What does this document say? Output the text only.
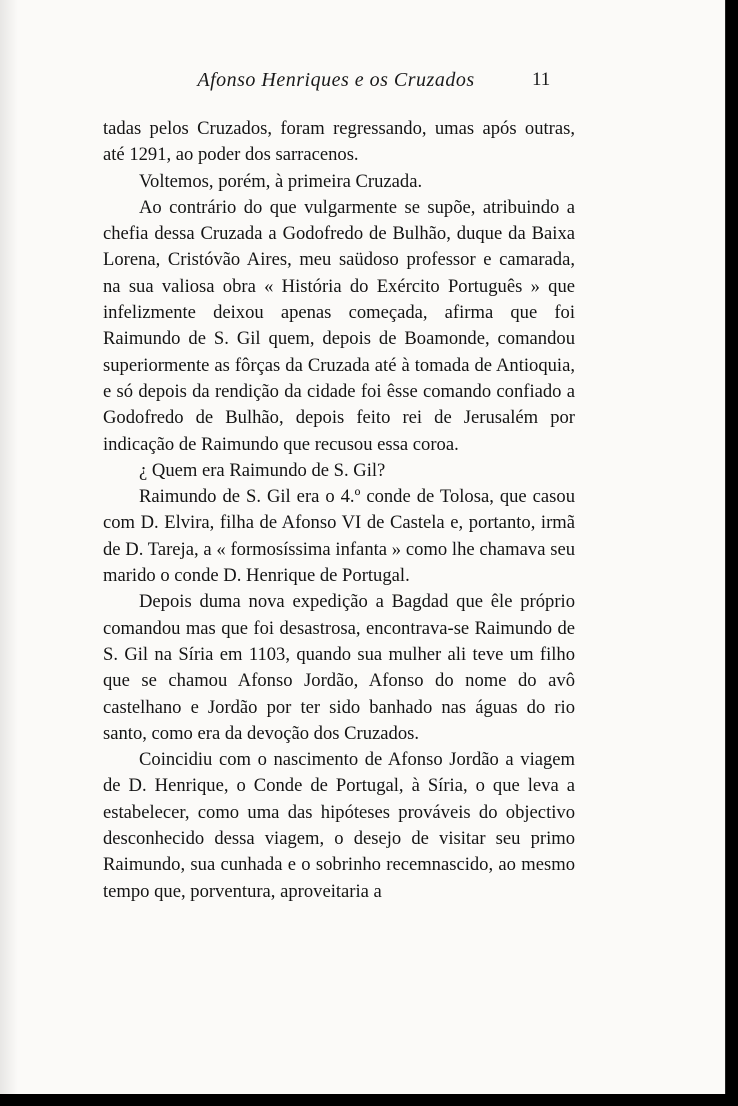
Afonso Henriques e os Cruzados	11

tadas pelos Cruzados, foram regressando, umas após outras, até 1291, ao poder dos sarracenos.

Voltemos, porém, à primeira Cruzada.

Ao contrário do que vulgarmente se supõe, atribuindo a chefia dessa Cruzada a Godofredo de Bulhão, duque da Baixa Lorena, Cristóvão Aires, meu saüdoso professor e camarada, na sua valiosa obra « História do Exército Português » que infelizmente deixou apenas começada, afirma que foi Raimundo de S. Gil quem, depois de Boamonde, comandou superiormente as fôrças da Cruzada até à tomada de Antioquia, e só depois da rendição da cidade foi êsse comando confiado a Godofredo de Bulhão, depois feito rei de Jerusalém por indicação de Raimundo que recusou essa coroa.

¿ Quem era Raimundo de S. Gil?

Raimundo de S. Gil era o 4.º conde de Tolosa, que casou com D. Elvira, filha de Afonso VI de Castela e, portanto, irmã de D. Tareja, a « formosíssima infanta » como lhe chamava seu marido o conde D. Henrique de Portugal.

Depois duma nova expedição a Bagdad que êle próprio comandou mas que foi desastrosa, encontrava-se Raimundo de S. Gil na Síria em 1103, quando sua mulher ali teve um filho que se chamou Afonso Jordão, Afonso do nome do avô castelhano e Jordão por ter sido banhado nas águas do rio santo, como era da devoção dos Cruzados.

Coincidiu com o nascimento de Afonso Jordão a viagem de D. Henrique, o Conde de Portugal, à Síria, o que leva a estabelecer, como uma das hipóteses prováveis do objectivo desconhecido dessa viagem, o desejo de visitar seu primo Raimundo, sua cunhada e o sobrinho recemnascido, ao mesmo tempo que, porventura, aproveitaria a
